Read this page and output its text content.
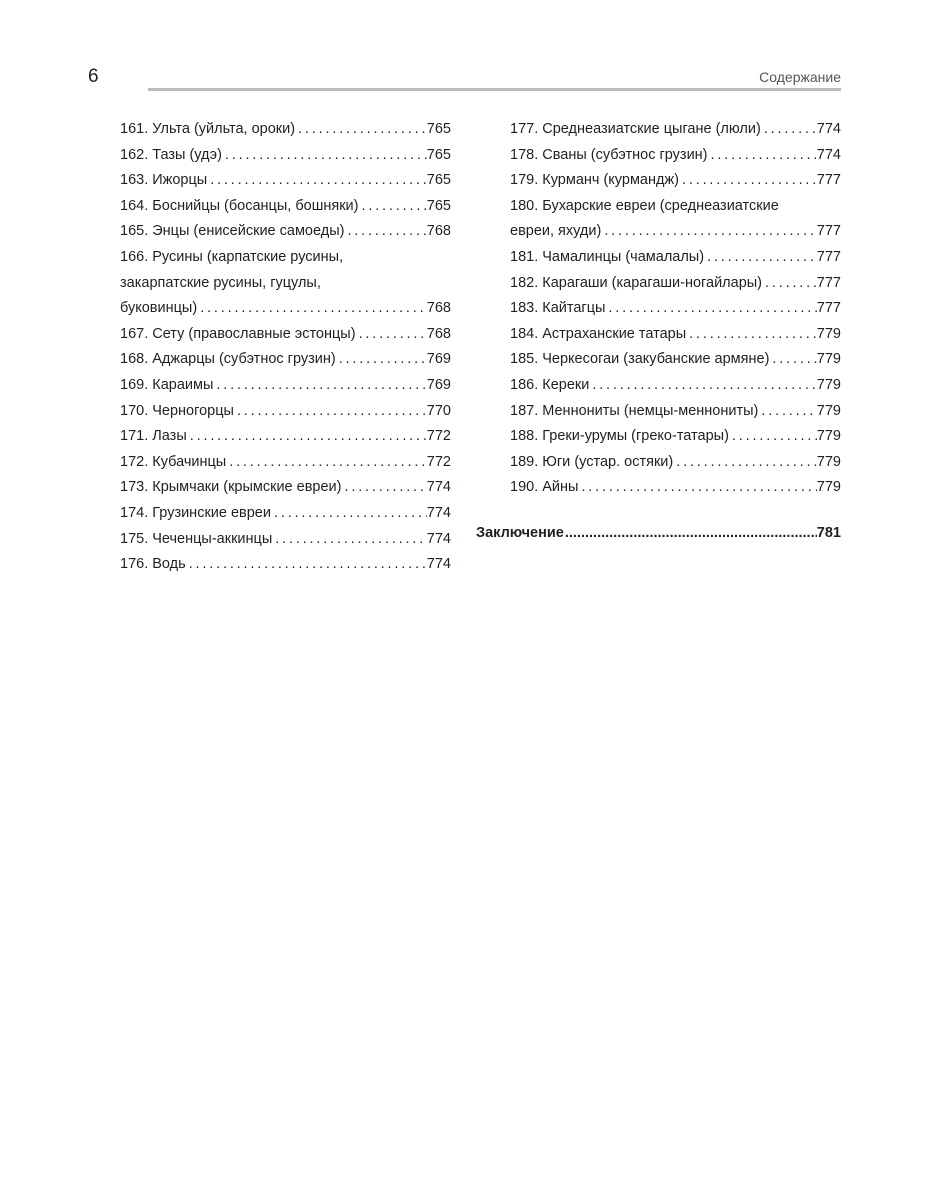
6	Содержание
161. Ульта (уйльта, ороки) . . .	765
162. Тазы (удэ) . . .	765
163. Ижорцы . . .	765
164. Боснийцы (босанцы, бошняки) . . .	765
165. Энцы (енисейские самоеды) . . .	768
166. Русины (карпатские русины,
закарпатские русины, гуцулы,
буковинцы) . . .	768
167. Сету (православные эстонцы) . . .	768
168. Аджарцы (субэтнос грузин) . . .	769
169. Караимы . . .	769
170. Черногорцы . . .	770
171. Лазы . . .	772
172. Кубачинцы . . .	772
173. Крымчаки (крымские евреи) . . .	774
174. Грузинские евреи . . .	774
175. Чеченцы-аккинцы . . .	774
176. Водь . . .	774
177. Среднеазиатские цыгане (люли) . . .	774
178. Сваны (субэтнос грузин) . . .	774
179. Курманч (курмандж) . . .	777
180. Бухарские евреи (среднеазиатские
евреи, яхуди) . . .	777
181. Чамалинцы (чамалалы) . . .	777
182. Карагаши (карагаши-ногайлары) . . .	777
183. Кайтагцы . . .	777
184. Астраханские татары . . .	779
185. Черкесогаи (закубанские армяне) . . .	779
186. Кереки . . .	779
187. Меннониты (немцы-меннониты) . . .	779
188. Греки-урумы (греко-татары) . . .	779
189. Юги (устар. остяки) . . .	779
190. Айны . . .	779
Заключение .....	781
